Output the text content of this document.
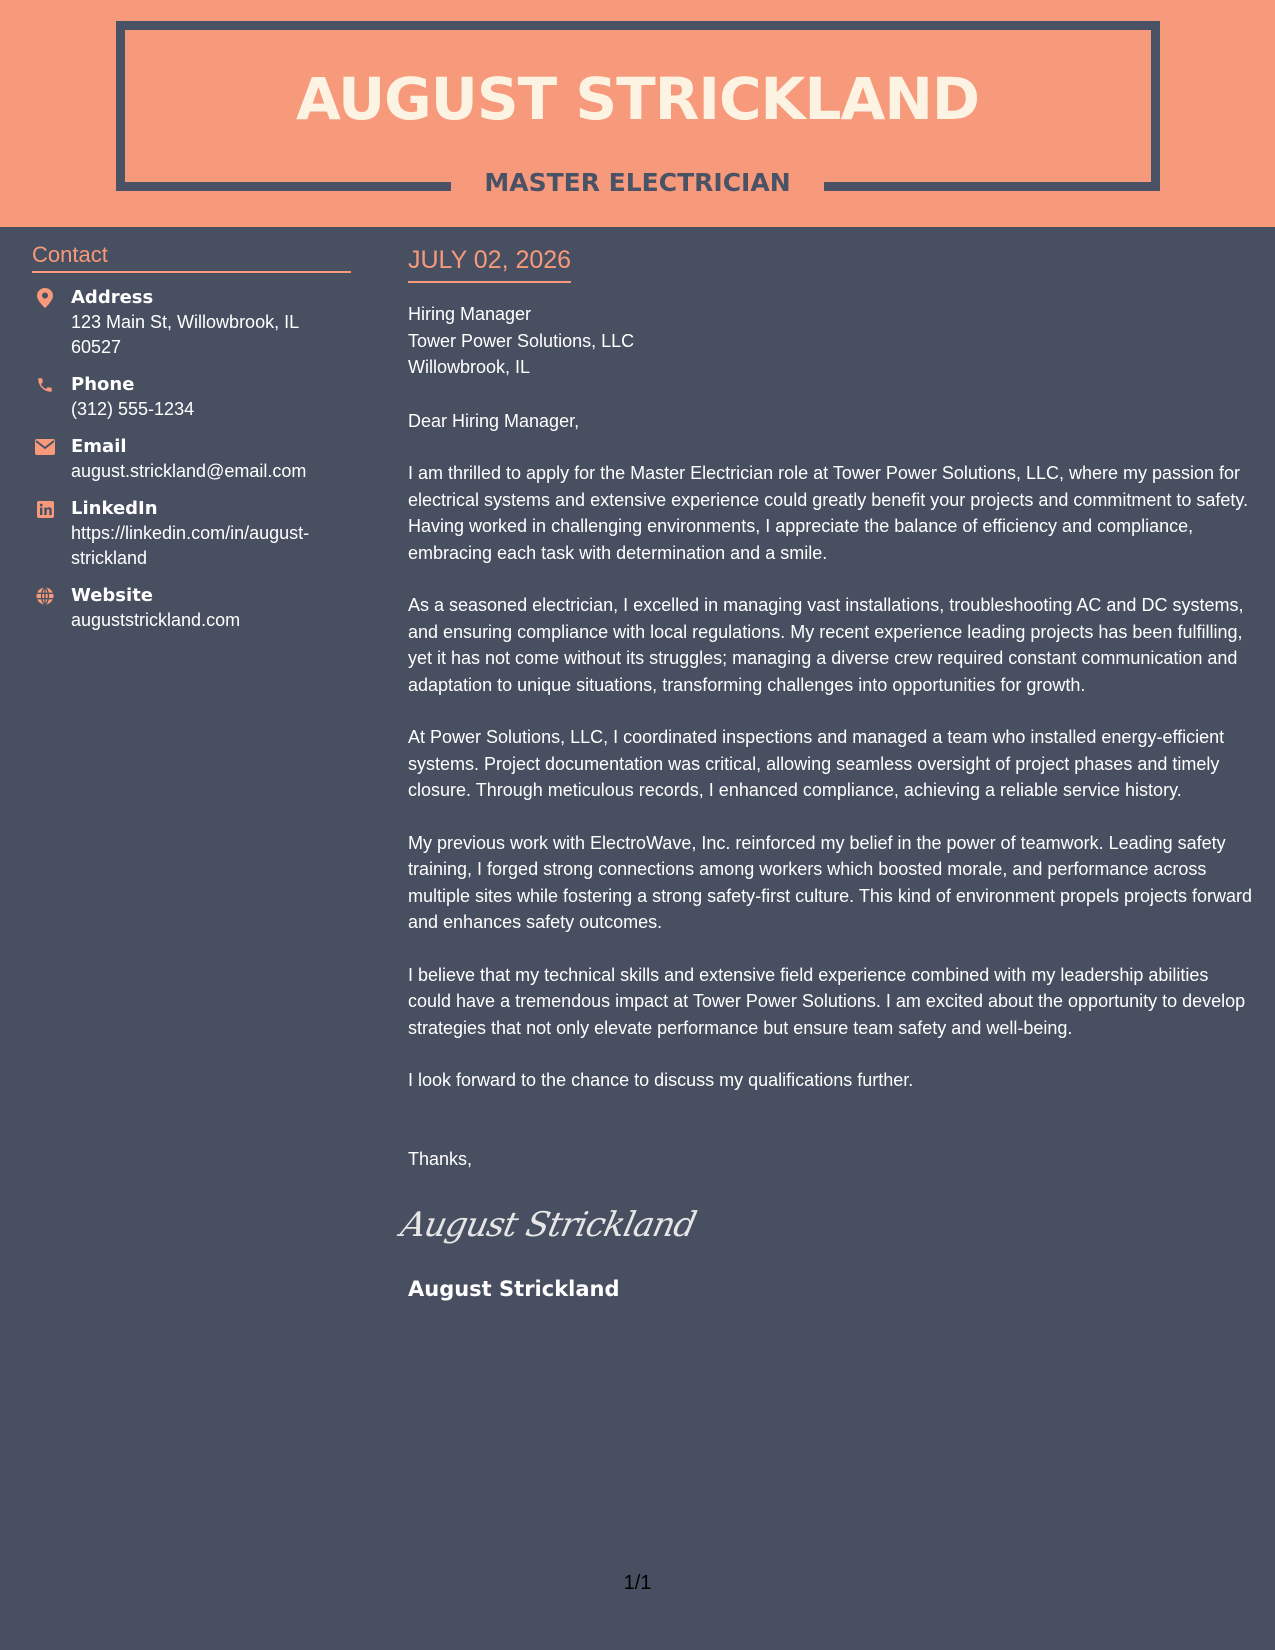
AUGUST STRICKLAND
MASTER ELECTRICIAN
Contact
Address
123 Main St, Willowbrook, IL 60527
Phone
(312) 555-1234
Email
august.strickland@email.com
LinkedIn
https://linkedin.com/in/august-strickland
Website
auguststrickland.com
JULY 02, 2026
Hiring Manager
Tower Power Solutions, LLC
Willowbrook, IL
Dear Hiring Manager,
I am thrilled to apply for the Master Electrician role at Tower Power Solutions, LLC, where my passion for electrical systems and extensive experience could greatly benefit your projects and commitment to safety. Having worked in challenging environments, I appreciate the balance of efficiency and compliance, embracing each task with determination and a smile.
As a seasoned electrician, I excelled in managing vast installations, troubleshooting AC and DC systems, and ensuring compliance with local regulations. My recent experience leading projects has been fulfilling, yet it has not come without its struggles; managing a diverse crew required constant communication and adaptation to unique situations, transforming challenges into opportunities for growth.
At Power Solutions, LLC, I coordinated inspections and managed a team who installed energy-efficient systems. Project documentation was critical, allowing seamless oversight of project phases and timely closure. Through meticulous records, I enhanced compliance, achieving a reliable service history.
My previous work with ElectroWave, Inc. reinforced my belief in the power of teamwork. Leading safety training, I forged strong connections among workers which boosted morale, and performance across multiple sites while fostering a strong safety-first culture. This kind of environment propels projects forward and enhances safety outcomes.
I believe that my technical skills and extensive field experience combined with my leadership abilities could have a tremendous impact at Tower Power Solutions. I am excited about the opportunity to develop strategies that not only elevate performance but ensure team safety and well-being.
I look forward to the chance to discuss my qualifications further.
Thanks,
August Strickland
August Strickland
1/1
